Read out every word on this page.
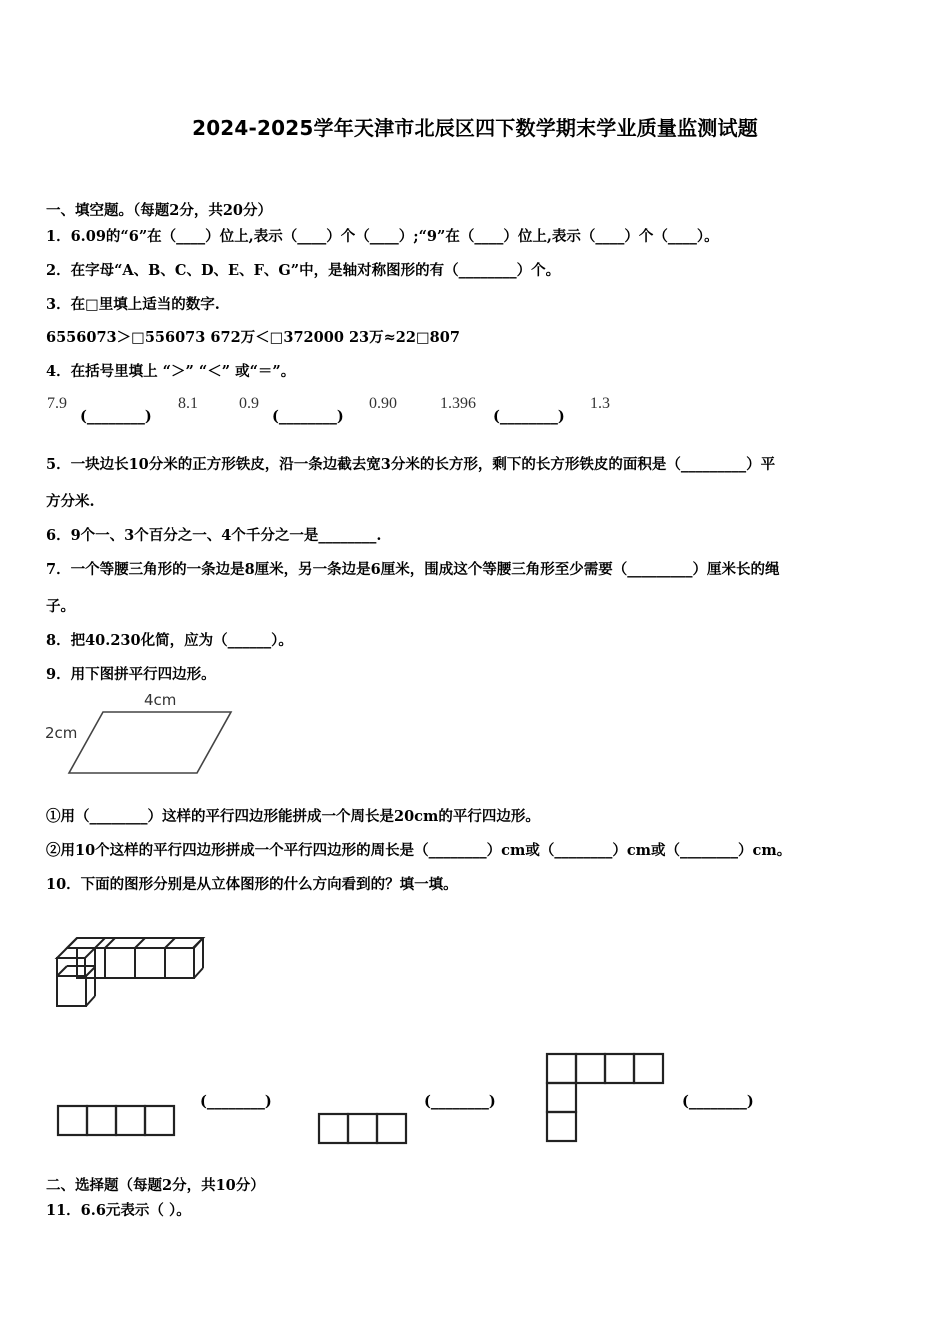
2024-2025学年天津市北辰区四下数学期末学业质量监测试题
一、填空题。（每题2分，共20分）
1．6.09的“6”在（____）位上,表示（____）个（____）;“9”在（____）位上,表示（____）个（____）。
2．在字母“A、B、C、D、E、F、G”中，是轴对称图形的有（________）个。
3．在□里填上适当的数字.
6556073＞□556073 672万＜□372000 23万≈22□807
4．在括号里填上 “＞” “＜” 或“＝”。
7.9
(________)
8.1	0.9
(________)
0.90	1.396
(________)
1.3
5．一块边长10分米的正方形铁皮，沿一条边截去宽3分米的长方形，剩下的长方形铁皮的面积是（_________）平
方分米.
6．9个一、3个百分之一、4个千分之一是________.
7．一个等腰三角形的一条边是8厘米，另一条边是6厘米，围成这个等腰三角形至少需要（_________）厘米长的绳
子。
8．把40.230化简，应为（______）。
9．用下图拼平行四边形。
4cm
2cm
①用（________）这样的平行四边形能拼成一个周长是20cm的平行四边形。
②用10个这样的平行四边形拼成一个平行四边形的周长是（________）cm或（________）cm或（________）cm。
10．下面的图形分别是从立体图形的什么方向看到的？填一填。
(________)	(________)	(________)
二、选择题（每题2分，共10分）
11．6.6元表示（ ）。
